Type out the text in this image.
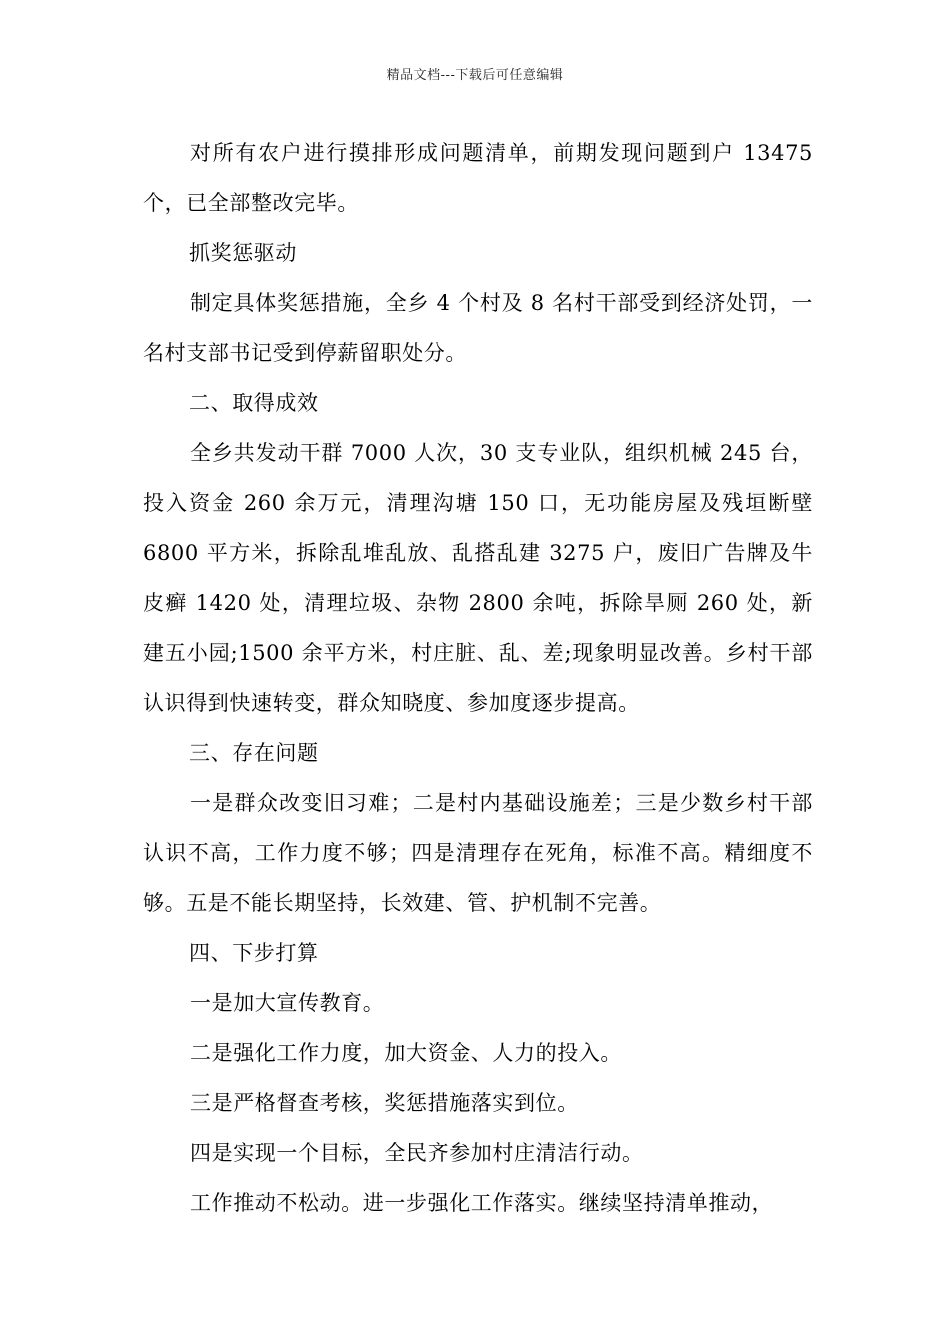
精品文档---下载后可任意编辑

对所有农户进行摸排形成问题清单，前期发现问题到户 13475 个，已全部整改完毕。

抓奖惩驱动

制定具体奖惩措施，全乡 4 个村及 8 名村干部受到经济处罚，一名村支部书记受到停薪留职处分。

二、取得成效

全乡共发动干群 7000 人次，30 支专业队，组织机械 245 台，投入资金 260 余万元，清理沟塘 150 口，无功能房屋及残垣断壁 6800 平方米，拆除乱堆乱放、乱搭乱建 3275 户，废旧广告牌及牛皮癣 1420 处，清理垃圾、杂物 2800 余吨，拆除旱厕 260 处，新建五小园;1500 余平方米，村庄脏、乱、差;现象明显改善。乡村干部认识得到快速转变，群众知晓度、参加度逐步提高。

三、存在问题

一是群众改变旧习难；二是村内基础设施差；三是少数乡村干部认识不高，工作力度不够；四是清理存在死角，标准不高。精细度不够。五是不能长期坚持，长效建、管、护机制不完善。

四、下步打算

一是加大宣传教育。

二是强化工作力度，加大资金、人力的投入。

三是严格督查考核，奖惩措施落实到位。

四是实现一个目标，全民齐参加村庄清洁行动。

工作推动不松动。进一步强化工作落实。继续坚持清单推动，
